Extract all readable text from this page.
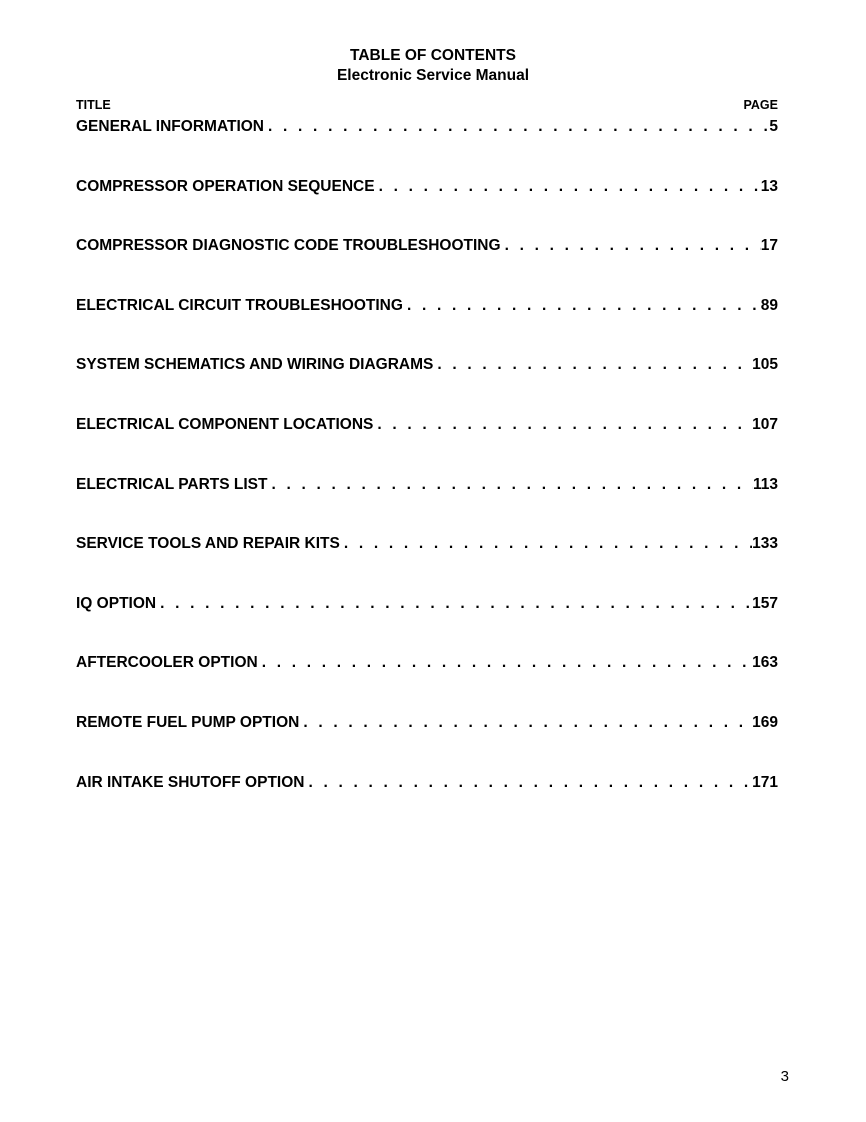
TABLE OF CONTENTS
Electronic Service Manual
TITLE	PAGE
GENERAL INFORMATION . . .	5
COMPRESSOR OPERATION SEQUENCE . . .	13
COMPRESSOR DIAGNOSTIC CODE TROUBLESHOOTING . . .	17
ELECTRICAL CIRCUIT TROUBLESHOOTING . . .	89
SYSTEM SCHEMATICS AND WIRING DIAGRAMS . . .	105
ELECTRICAL COMPONENT LOCATIONS . . .	107
ELECTRICAL PARTS LIST . . .	113
SERVICE TOOLS AND REPAIR KITS . . .	133
IQ OPTION . . .	157
AFTERCOOLER OPTION . . .	163
REMOTE FUEL PUMP OPTION . . .	169
AIR INTAKE SHUTOFF OPTION . . .	171
3
